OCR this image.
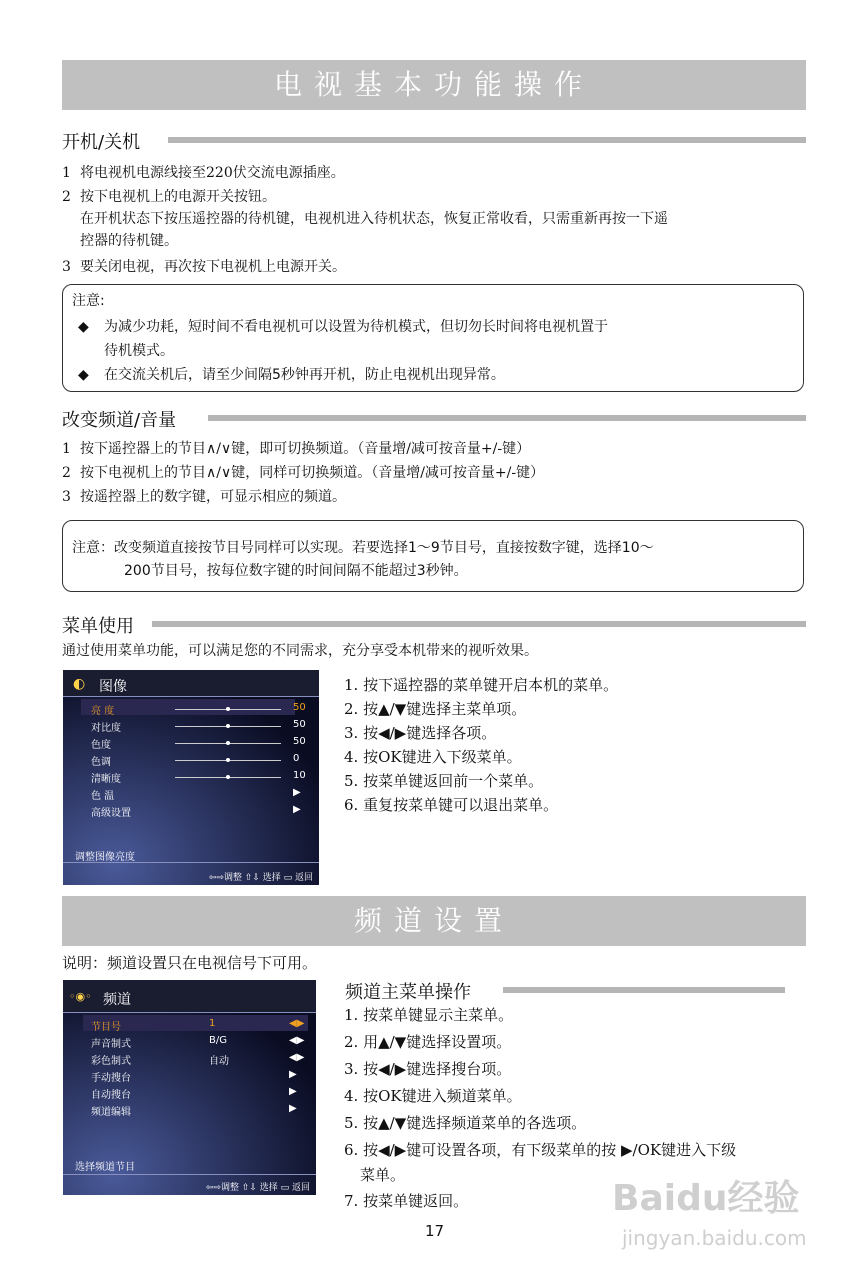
电视基本功能操作
开机/关机
1 将电视机电源线接至220伏交流电源插座。
2 按下电视机上的电源开关按钮。
在开机状态下按压遥控器的待机键，电视机进入待机状态，恢复正常收看，只需重新再按一下遥
控器的待机键。
3 要关闭电视，再次按下电视机上电源开关。
注意:
◆ 为减少功耗，短时间不看电视机可以设置为待机模式，但切勿长时间将电视机置于
待机模式。
◆ 在交流关机后，请至少间隔5秒钟再开机，防止电视机出现异常。
改变频道/音量
1 按下遥控器上的节目∧/∨键，即可切换频道。（音量增/减可按音量+/-键）
2 按下电视机上的节目∧/∨键，同样可切换频道。（音量增/减可按音量+/-键）
3 按遥控器上的数字键，可显示相应的频道。
注意：改变频道直接按节目号同样可以实现。若要选择1～9节目号，直接按数字键，选择10～
200节目号，按每位数字键的时间间隔不能超过3秒钟。
菜单使用
通过使用菜单功能，可以满足您的不同需求，充分享受本机带来的视听效果。
◐ 图像
亮 度	50
对比度	50
色度	50
色调	0
清晰度	10
色 温	▶
高级设置	▶
调整图像亮度
⇦⇨调整 ⇧⇩ 选择 ▭ 返回
1. 按下遥控器的菜单键开启本机的菜单。
2. 按▲/▼键选择主菜单项。
3. 按◀/▶键选择各项。
4. 按OK键进入下级菜单。
5. 按菜单键返回前一个菜单。
6. 重复按菜单键可以退出菜单。
频道设置
说明：频道设置只在电视信号下可用。
◦◉◦ 频道
节目号	1	◀▶
声音制式	B/G	◀▶
彩色制式	自动	◀▶
手动搜台	▶
自动搜台	▶
频道编辑	▶
选择频道节目
⇦⇨调整 ⇧⇩ 选择 ▭ 返回
频道主菜单操作
1. 按菜单键显示主菜单。
2. 用▲/▼键选择设置项。
3. 按◀/▶键选择搜台项。
4. 按OK键进入频道菜单。
5. 按▲/▼键选择频道菜单的各选项。
6. 按◀/▶键可设置各项，有下级菜单的按 ▶/OK键进入下级
菜单。
7. 按菜单键返回。
17
Baidu经验
jingyan.baidu.com
